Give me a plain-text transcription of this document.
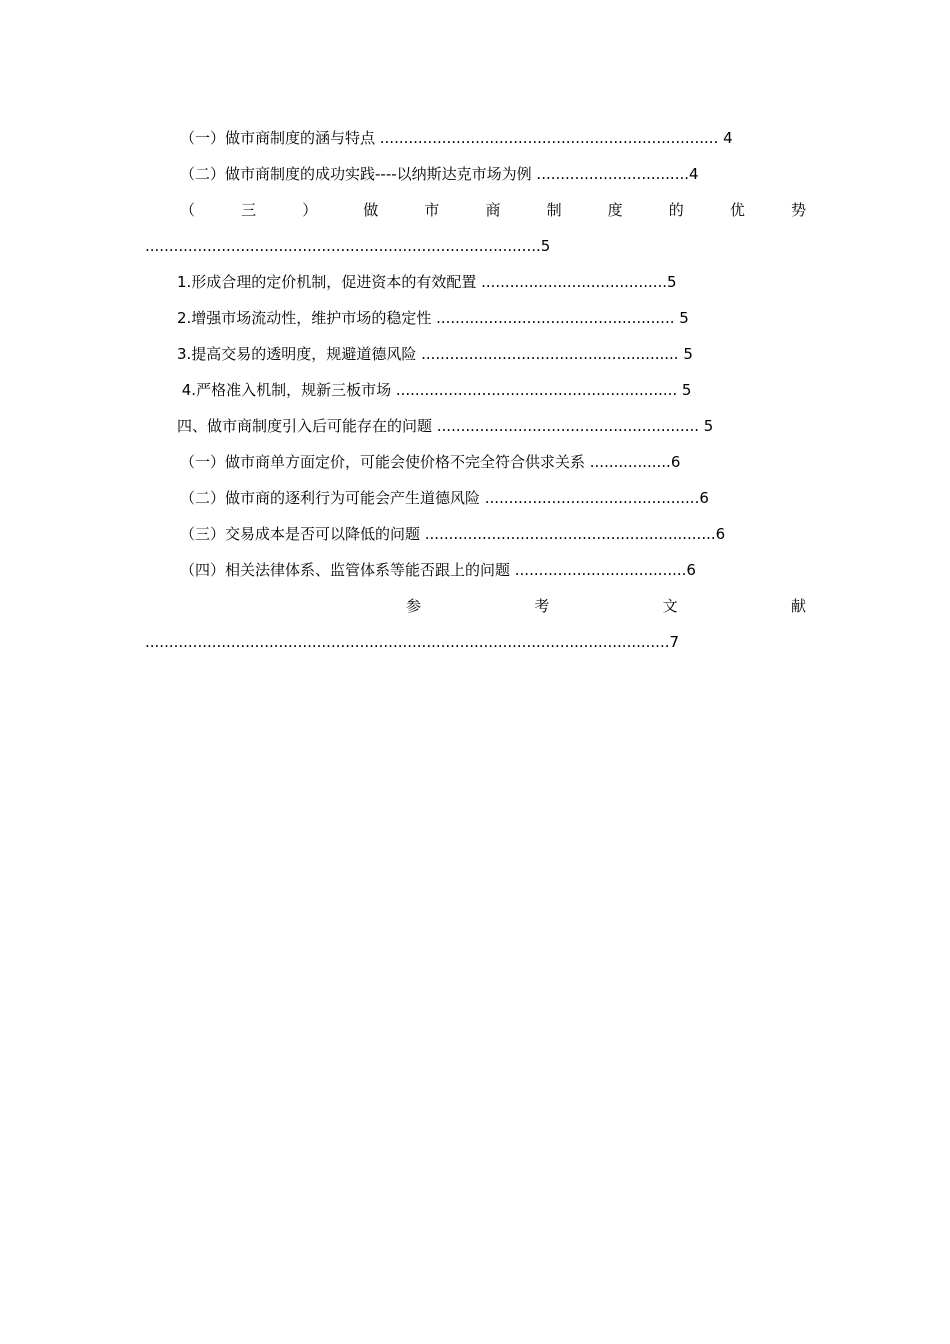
（一）做市商制度的涵与特点 ....................................................................... 4
（二）做市商制度的成功实践----以纳斯达克市场为例 ................................4
（	三	）	做	市	商	制	度	的	优	势
...................................................................................5
1.形成合理的定价机制，促进资本的有效配置 .......................................5
2.增强市场流动性，维护市场的稳定性 .................................................. 5
3.提高交易的透明度，规避道德风险 ...................................................... 5
4.严格准入机制，规新三板市场 ........................................................... 5
四、做市商制度引入后可能存在的问题 ....................................................... 5
（一）做市商单方面定价，可能会使价格不完全符合供求关系 .................6
（二）做市商的逐利行为可能会产生道德风险 .............................................6
（三）交易成本是否可以降低的问题 .............................................................6
（四）相关法律体系、监管体系等能否跟上的问题 ....................................6
参	考	文	献
..............................................................................................................7
